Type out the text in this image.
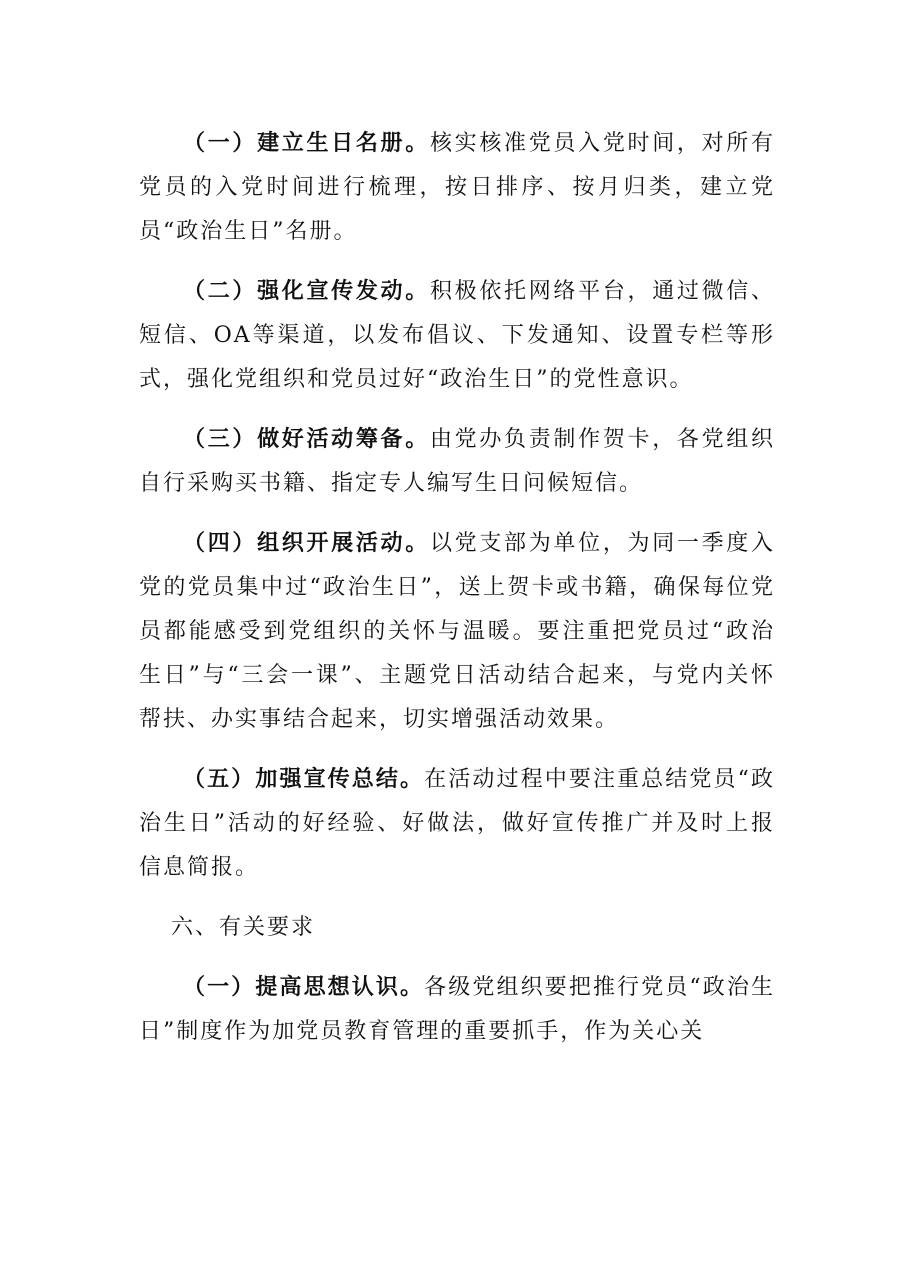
（一）建立生日名册。核实核准党员入党时间，对所有党员的入党时间进行梳理，按日排序、按月归类，建立党员“政治生日”名册。

（二）强化宣传发动。积极依托网络平台，通过微信、短信、OA等渠道，以发布倡议、下发通知、设置专栏等形式，强化党组织和党员过好“政治生日”的党性意识。

（三）做好活动筹备。由党办负责制作贺卡，各党组织自行采购买书籍、指定专人编写生日问候短信。

（四）组织开展活动。以党支部为单位，为同一季度入党的党员集中过“政治生日”，送上贺卡或书籍，确保每位党员都能感受到党组织的关怀与温暖。要注重把党员过“政治生日”与“三会一课”、主题党日活动结合起来，与党内关怀帮扶、办实事结合起来，切实增强活动效果。

（五）加强宣传总结。在活动过程中要注重总结党员“政治生日”活动的好经验、好做法，做好宣传推广并及时上报信息简报。

六、有关要求

（一）提高思想认识。各级党组织要把推行党员“政治生日”制度作为加党员教育管理的重要抓手，作为关心关
